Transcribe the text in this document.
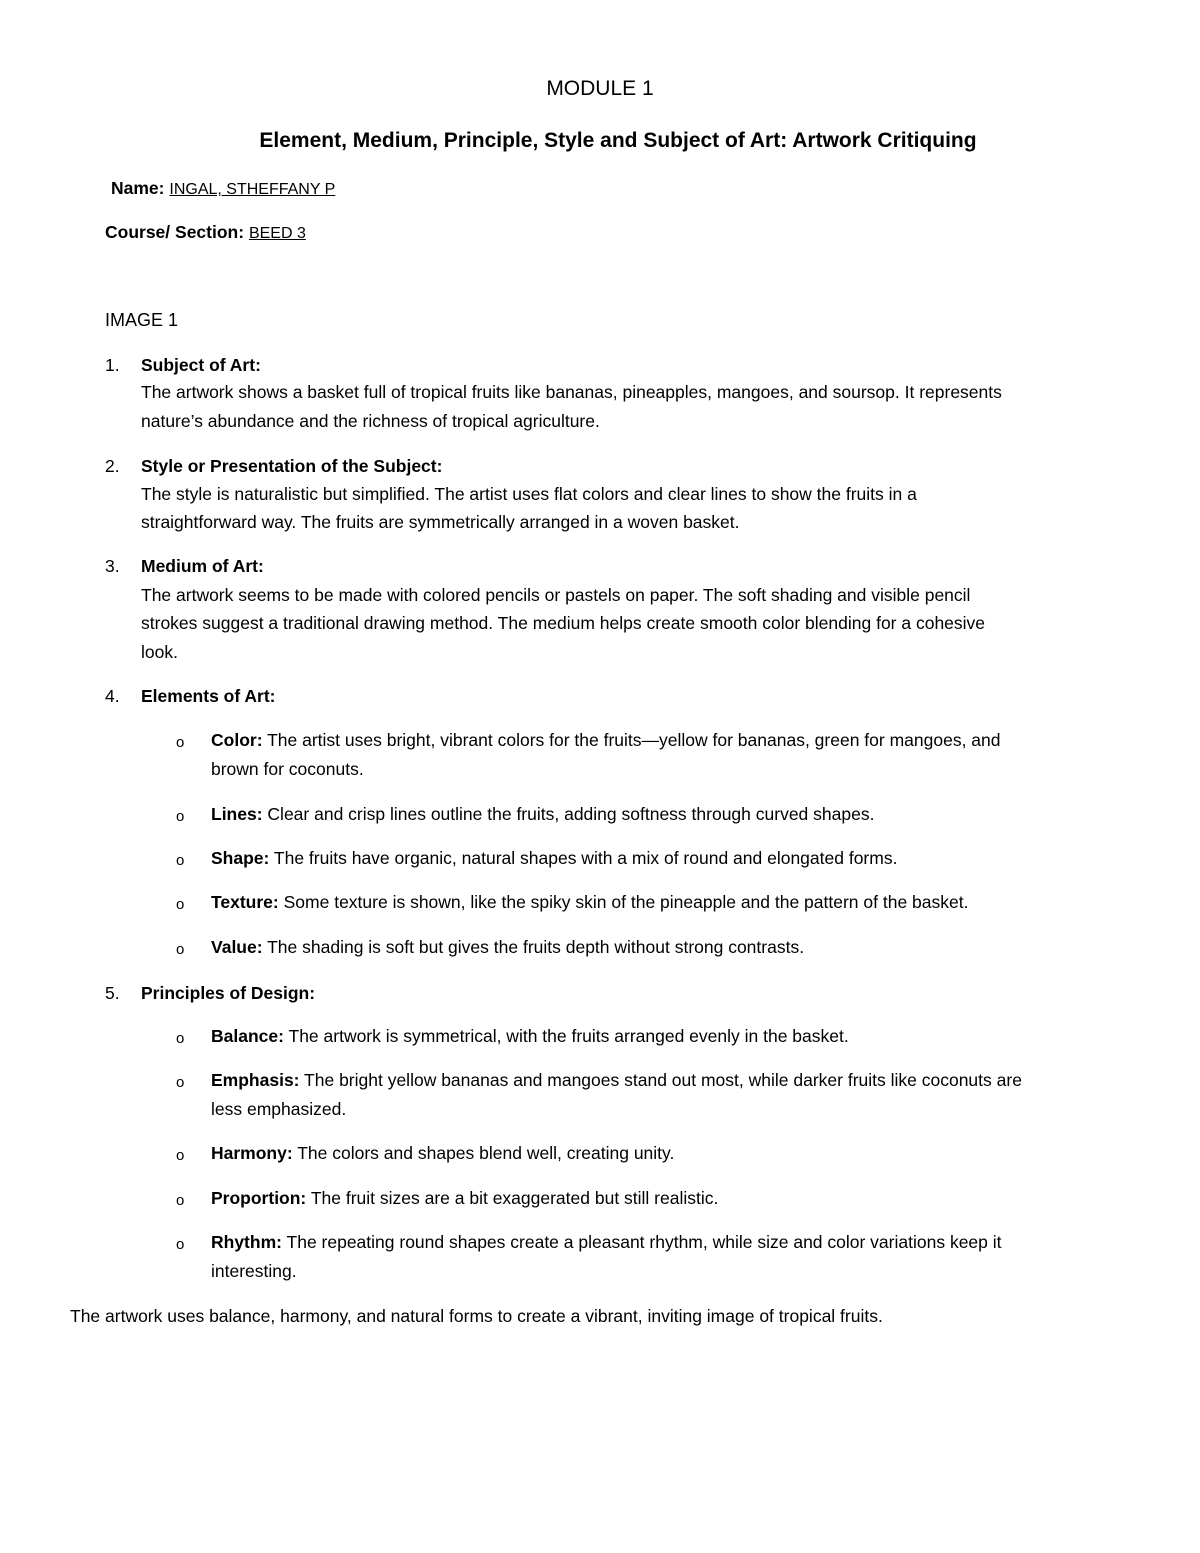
MODULE 1
Element, Medium, Principle, Style and Subject of Art: Artwork Critiquing
Name: INGAL, STHEFFANY P
Course/ Section: BEED 3
IMAGE 1
1. Subject of Art:
The artwork shows a basket full of tropical fruits like bananas, pineapples, mangoes, and soursop. It represents
nature’s abundance and the richness of tropical agriculture.
2. Style or Presentation of the Subject:
The style is naturalistic but simplified. The artist uses flat colors and clear lines to show the fruits in a
straightforward way. The fruits are symmetrically arranged in a woven basket.
3. Medium of Art:
The artwork seems to be made with colored pencils or pastels on paper. The soft shading and visible pencil
strokes suggest a traditional drawing method. The medium helps create smooth color blending for a cohesive
look.
4. Elements of Art:
o Color: The artist uses bright, vibrant colors for the fruits—yellow for bananas, green for mangoes, and
brown for coconuts.
o Lines: Clear and crisp lines outline the fruits, adding softness through curved shapes.
o Shape: The fruits have organic, natural shapes with a mix of round and elongated forms.
o Texture: Some texture is shown, like the spiky skin of the pineapple and the pattern of the basket.
o Value: The shading is soft but gives the fruits depth without strong contrasts.
5. Principles of Design:
o Balance: The artwork is symmetrical, with the fruits arranged evenly in the basket.
o Emphasis: The bright yellow bananas and mangoes stand out most, while darker fruits like coconuts are
less emphasized.
o Harmony: The colors and shapes blend well, creating unity.
o Proportion: The fruit sizes are a bit exaggerated but still realistic.
o Rhythm: The repeating round shapes create a pleasant rhythm, while size and color variations keep it
interesting.
The artwork uses balance, harmony, and natural forms to create a vibrant, inviting image of tropical fruits.
